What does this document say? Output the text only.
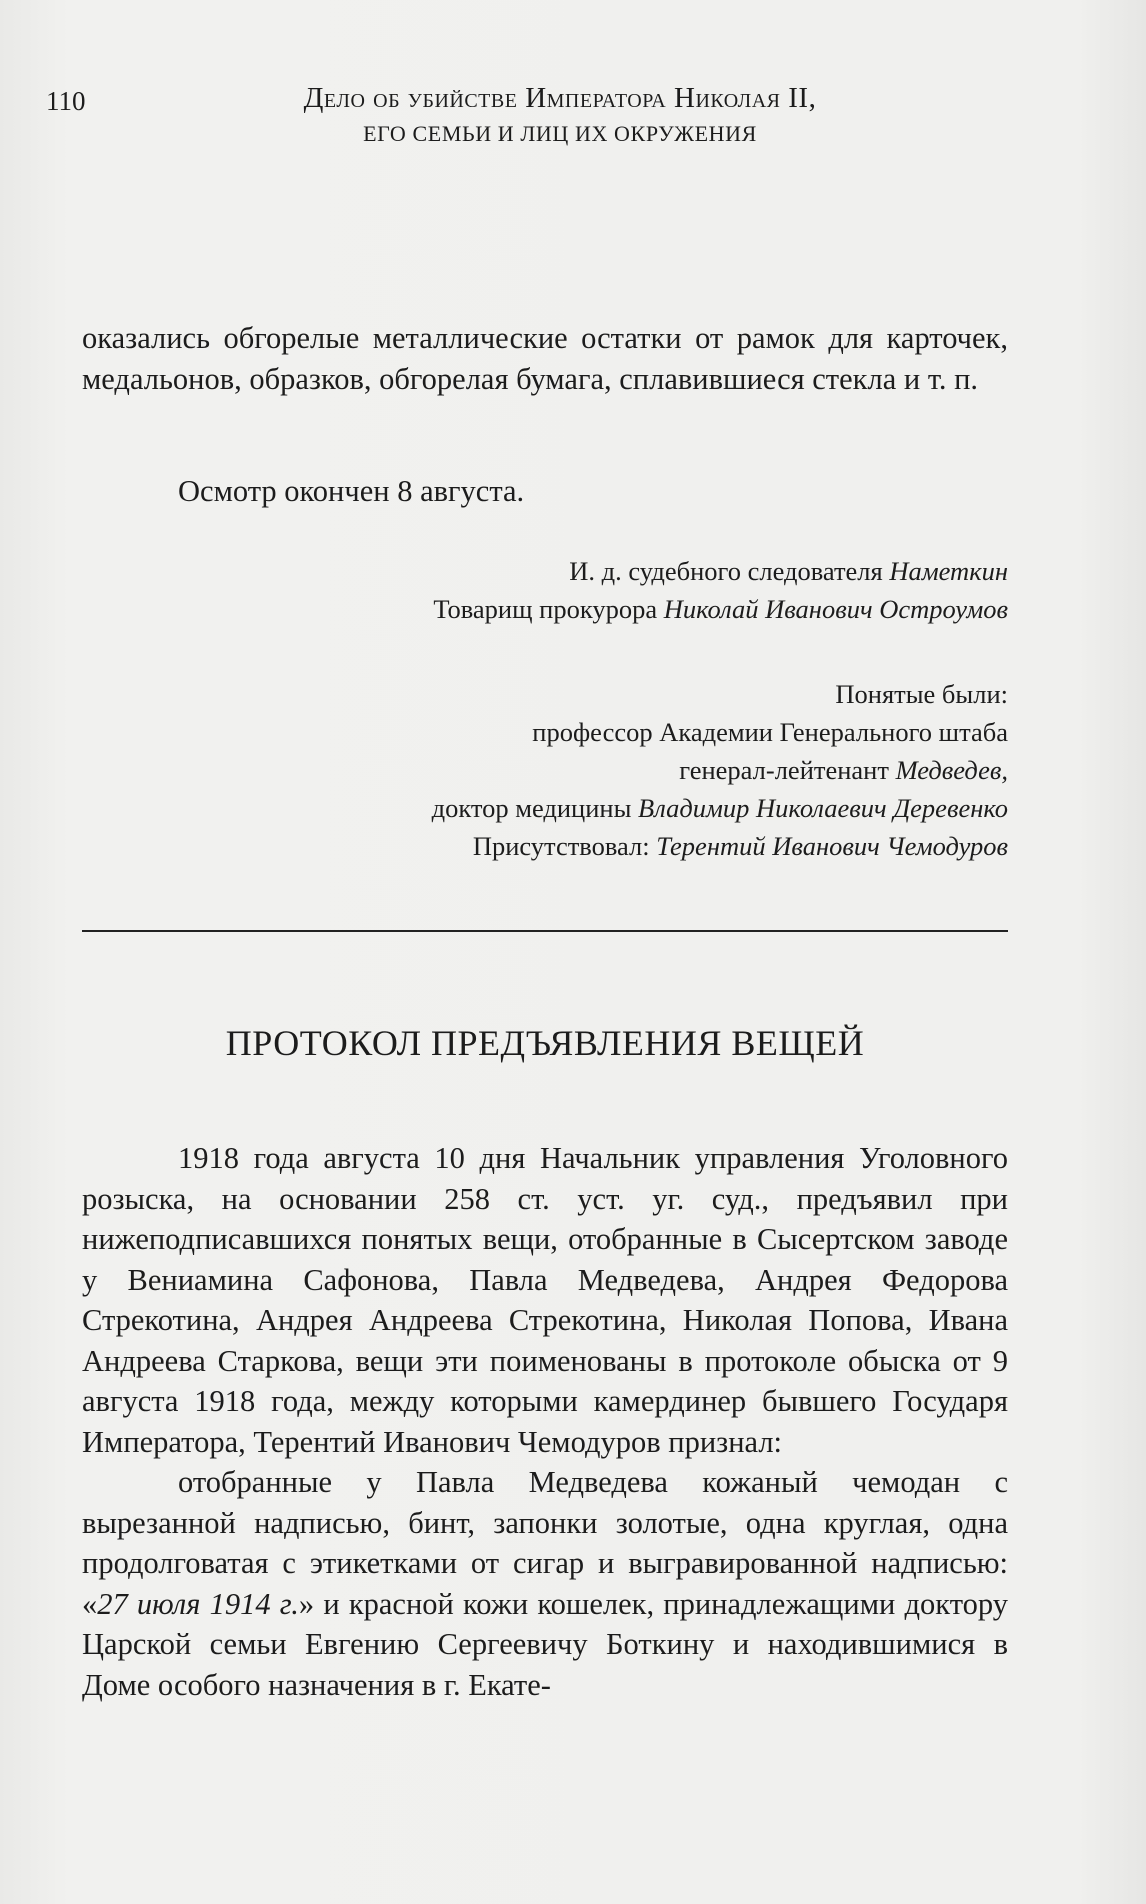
110	Дело об убийстве Императора Николая II,
ЕГО СЕМЬИ И ЛИЦ ИХ ОКРУЖЕНИЯ

оказались обгорелые металлические остатки от рамок для карточек, медальонов, образков, обгорелая бумага, сплавившиеся стекла и т. п.

Осмотр окончен 8 августа.
И. д. судебного следователя Наметкин
Товарищ прокурора Николай Иванович Остроумов
Понятые были:
профессор Академии Генерального штаба
генерал-лейтенант Медведев,
доктор медицины Владимир Николаевич Деревенко
Присутствовал: Терентий Иванович Чемодуров
ПРОТОКОЛ ПРЕДЪЯВЛЕНИЯ ВЕЩЕЙ

1918 года августа 10 дня Начальник управления Уголовного розыска, на основании 258 ст. уст. уг. суд., предъявил при нижеподписавшихся понятых вещи, отобранные в Сысертском заводе у Вениамина Сафонова, Павла Медведева, Андрея Федорова Стрекотина, Андрея Андреева Стрекотина, Николая Попова, Ивана Андреева Старкова, вещи эти поименованы в протоколе обыска от 9 августа 1918 года, между которыми камердинер бывшего Государя Императора, Терентий Иванович Чемодуров признал:

отобранные у Павла Медведева кожаный чемодан с вырезанной надписью, бинт, запонки золотые, одна круглая, одна продолговатая с этикетками от сигар и выгравированной надписью: «27 июля 1914 г.» и красной кожи кошелек, принадлежащими доктору Царской семьи Евгению Сергеевичу Боткину и находившимися в Доме особого назначения в г. Екате-
